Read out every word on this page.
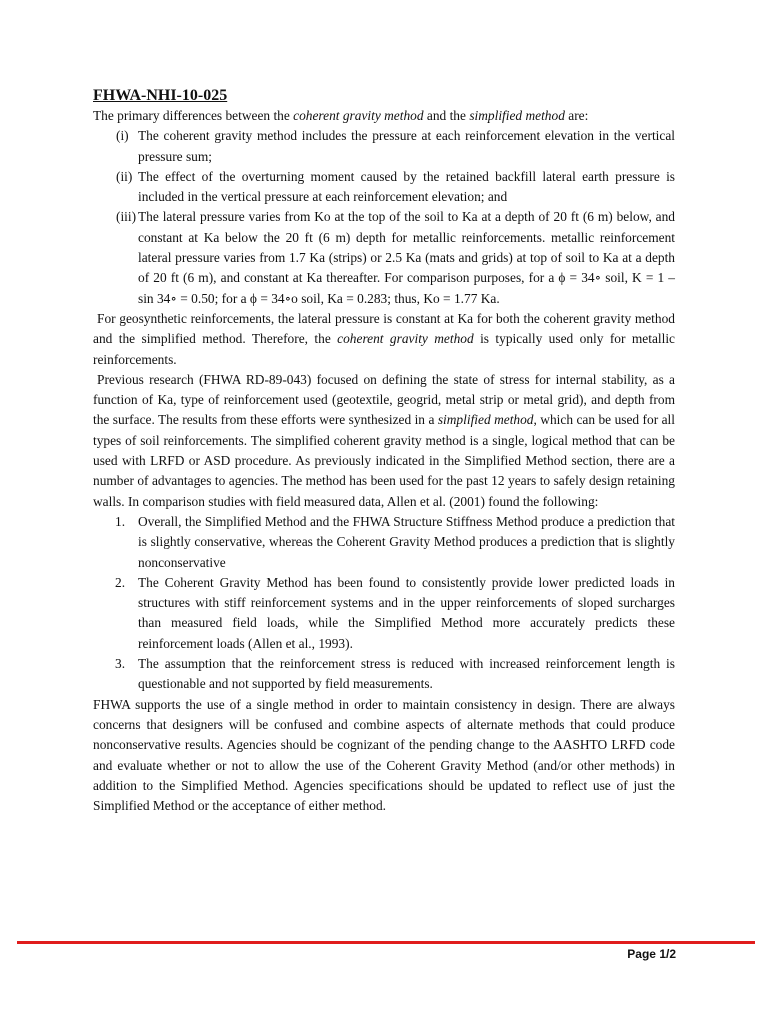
FHWA-NHI-10-025

The primary differences between the coherent gravity method and the simplified method are:

(i) The coherent gravity method includes the pressure at each reinforcement elevation in the vertical pressure sum;
(ii) The effect of the overturning moment caused by the retained backfill lateral earth pressure is included in the vertical pressure at each reinforcement elevation; and
(iii) The lateral pressure varies from Ko at the top of the soil to Ka at a depth of 20 ft (6 m) below, and constant at Ka below the 20 ft (6 m) depth for metallic reinforcements. metallic reinforcement lateral pressure varies from 1.7 Ka (strips) or 2.5 Ka (mats and grids) at top of soil to Ka at a depth of 20 ft (6 m), and constant at Ka thereafter. For comparison purposes, for a ϕ = 34∘ soil, K = 1 – sin 34∘ = 0.50; for a ϕ = 34∘o soil, Ka = 0.283; thus, Ko = 1.77 Ka.

For geosynthetic reinforcements, the lateral pressure is constant at Ka for both the coherent gravity method and the simplified method. Therefore, the coherent gravity method is typically used only for metallic reinforcements.

Previous research (FHWA RD-89-043) focused on defining the state of stress for internal stability, as a function of Ka, type of reinforcement used (geotextile, geogrid, metal strip or metal grid), and depth from the surface. The results from these efforts were synthesized in a simplified method, which can be used for all types of soil reinforcements. The simplified coherent gravity method is a single, logical method that can be used with LRFD or ASD procedure. As previously indicated in the Simplified Method section, there are a number of advantages to agencies. The method has been used for the past 12 years to safely design retaining walls. In comparison studies with field measured data, Allen et al. (2001) found the following:

1. Overall, the Simplified Method and the FHWA Structure Stiffness Method produce a prediction that is slightly conservative, whereas the Coherent Gravity Method produces a prediction that is slightly nonconservative
2. The Coherent Gravity Method has been found to consistently provide lower predicted loads in structures with stiff reinforcement systems and in the upper reinforcements of sloped surcharges than measured field loads, while the Simplified Method more accurately predicts these reinforcement loads (Allen et al., 1993).
3. The assumption that the reinforcement stress is reduced with increased reinforcement length is questionable and not supported by field measurements.

FHWA supports the use of a single method in order to maintain consistency in design. There are always concerns that designers will be confused and combine aspects of alternate methods that could produce nonconservative results. Agencies should be cognizant of the pending change to the AASHTO LRFD code and evaluate whether or not to allow the use of the Coherent Gravity Method (and/or other methods) in addition to the Simplified Method. Agencies specifications should be updated to reflect use of just the Simplified Method or the acceptance of either method.

Page 1/2
